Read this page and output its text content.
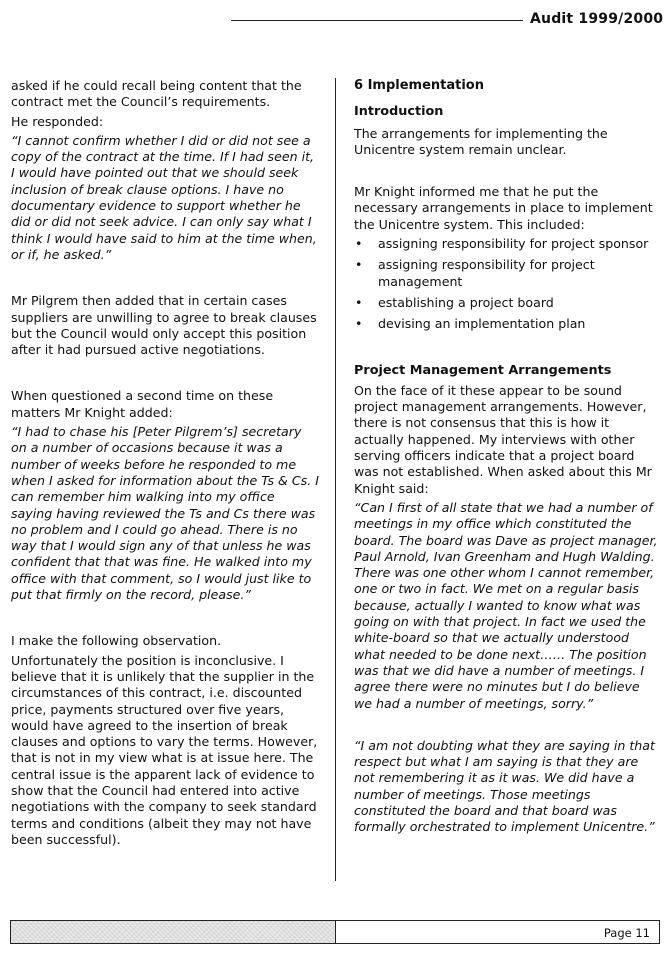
Audit 1999/2000

asked if he could recall being content that the contract met the Council’s requirements.

He responded:

“I cannot confirm whether I did or did not see a copy of the contract at the time. If I had seen it, I would have pointed out that we should seek inclusion of break clause options. I have no documentary evidence to support whether he did or did not seek advice. I can only say what I think I would have said to him at the time when, or if, he asked.”

Mr Pilgrem then added that in certain cases suppliers are unwilling to agree to break clauses but the Council would only accept this position after it had pursued active negotiations.

When questioned a second time on these matters Mr Knight added:

“I had to chase his [Peter Pilgrem’s] secretary on a number of occasions because it was a number of weeks before he responded to me when I asked for information about the Ts & Cs. I can remember him walking into my office saying having reviewed the Ts and Cs there was no problem and I could go ahead. There is no way that I would sign any of that unless he was confident that that was fine. He walked into my office with that comment, so I would just like to put that firmly on the record, please.”

I make the following observation.

Unfortunately the position is inconclusive. I believe that it is unlikely that the supplier in the circumstances of this contract, i.e. discounted price, payments structured over five years, would have agreed to the insertion of break clauses and options to vary the terms. However, that is not in my view what is at issue here. The central issue is the apparent lack of evidence to show that the Council had entered into active negotiations with the company to seek standard terms and conditions (albeit they may not have been successful).

6 Implementation

Introduction

The arrangements for implementing the Unicentre system remain unclear.

Mr Knight informed me that he put the necessary arrangements in place to implement the Unicentre system. This included:

• assigning responsibility for project sponsor
• assigning responsibility for project management
• establishing a project board
• devising an implementation plan

Project Management Arrangements

On the face of it these appear to be sound project management arrangements. However, there is not consensus that this is how it actually happened. My interviews with other serving officers indicate that a project board was not established. When asked about this Mr Knight said:

“Can I first of all state that we had a number of meetings in my office which constituted the board. The board was Dave as project manager, Paul Arnold, Ivan Greenham and Hugh Walding. There was one other whom I cannot remember, one or two in fact. We met on a regular basis because, actually I wanted to know what was going on with that project. In fact we used the white-board so that we actually understood what needed to be done next…… The position was that we did have a number of meetings. I agree there were no minutes but I do believe we had a number of meetings, sorry.”

“I am not doubting what they are saying in that respect but what I am saying is that they are not remembering it as it was. We did have a number of meetings. Those meetings constituted the board and that board was formally orchestrated to implement Unicentre.”

Page 11
